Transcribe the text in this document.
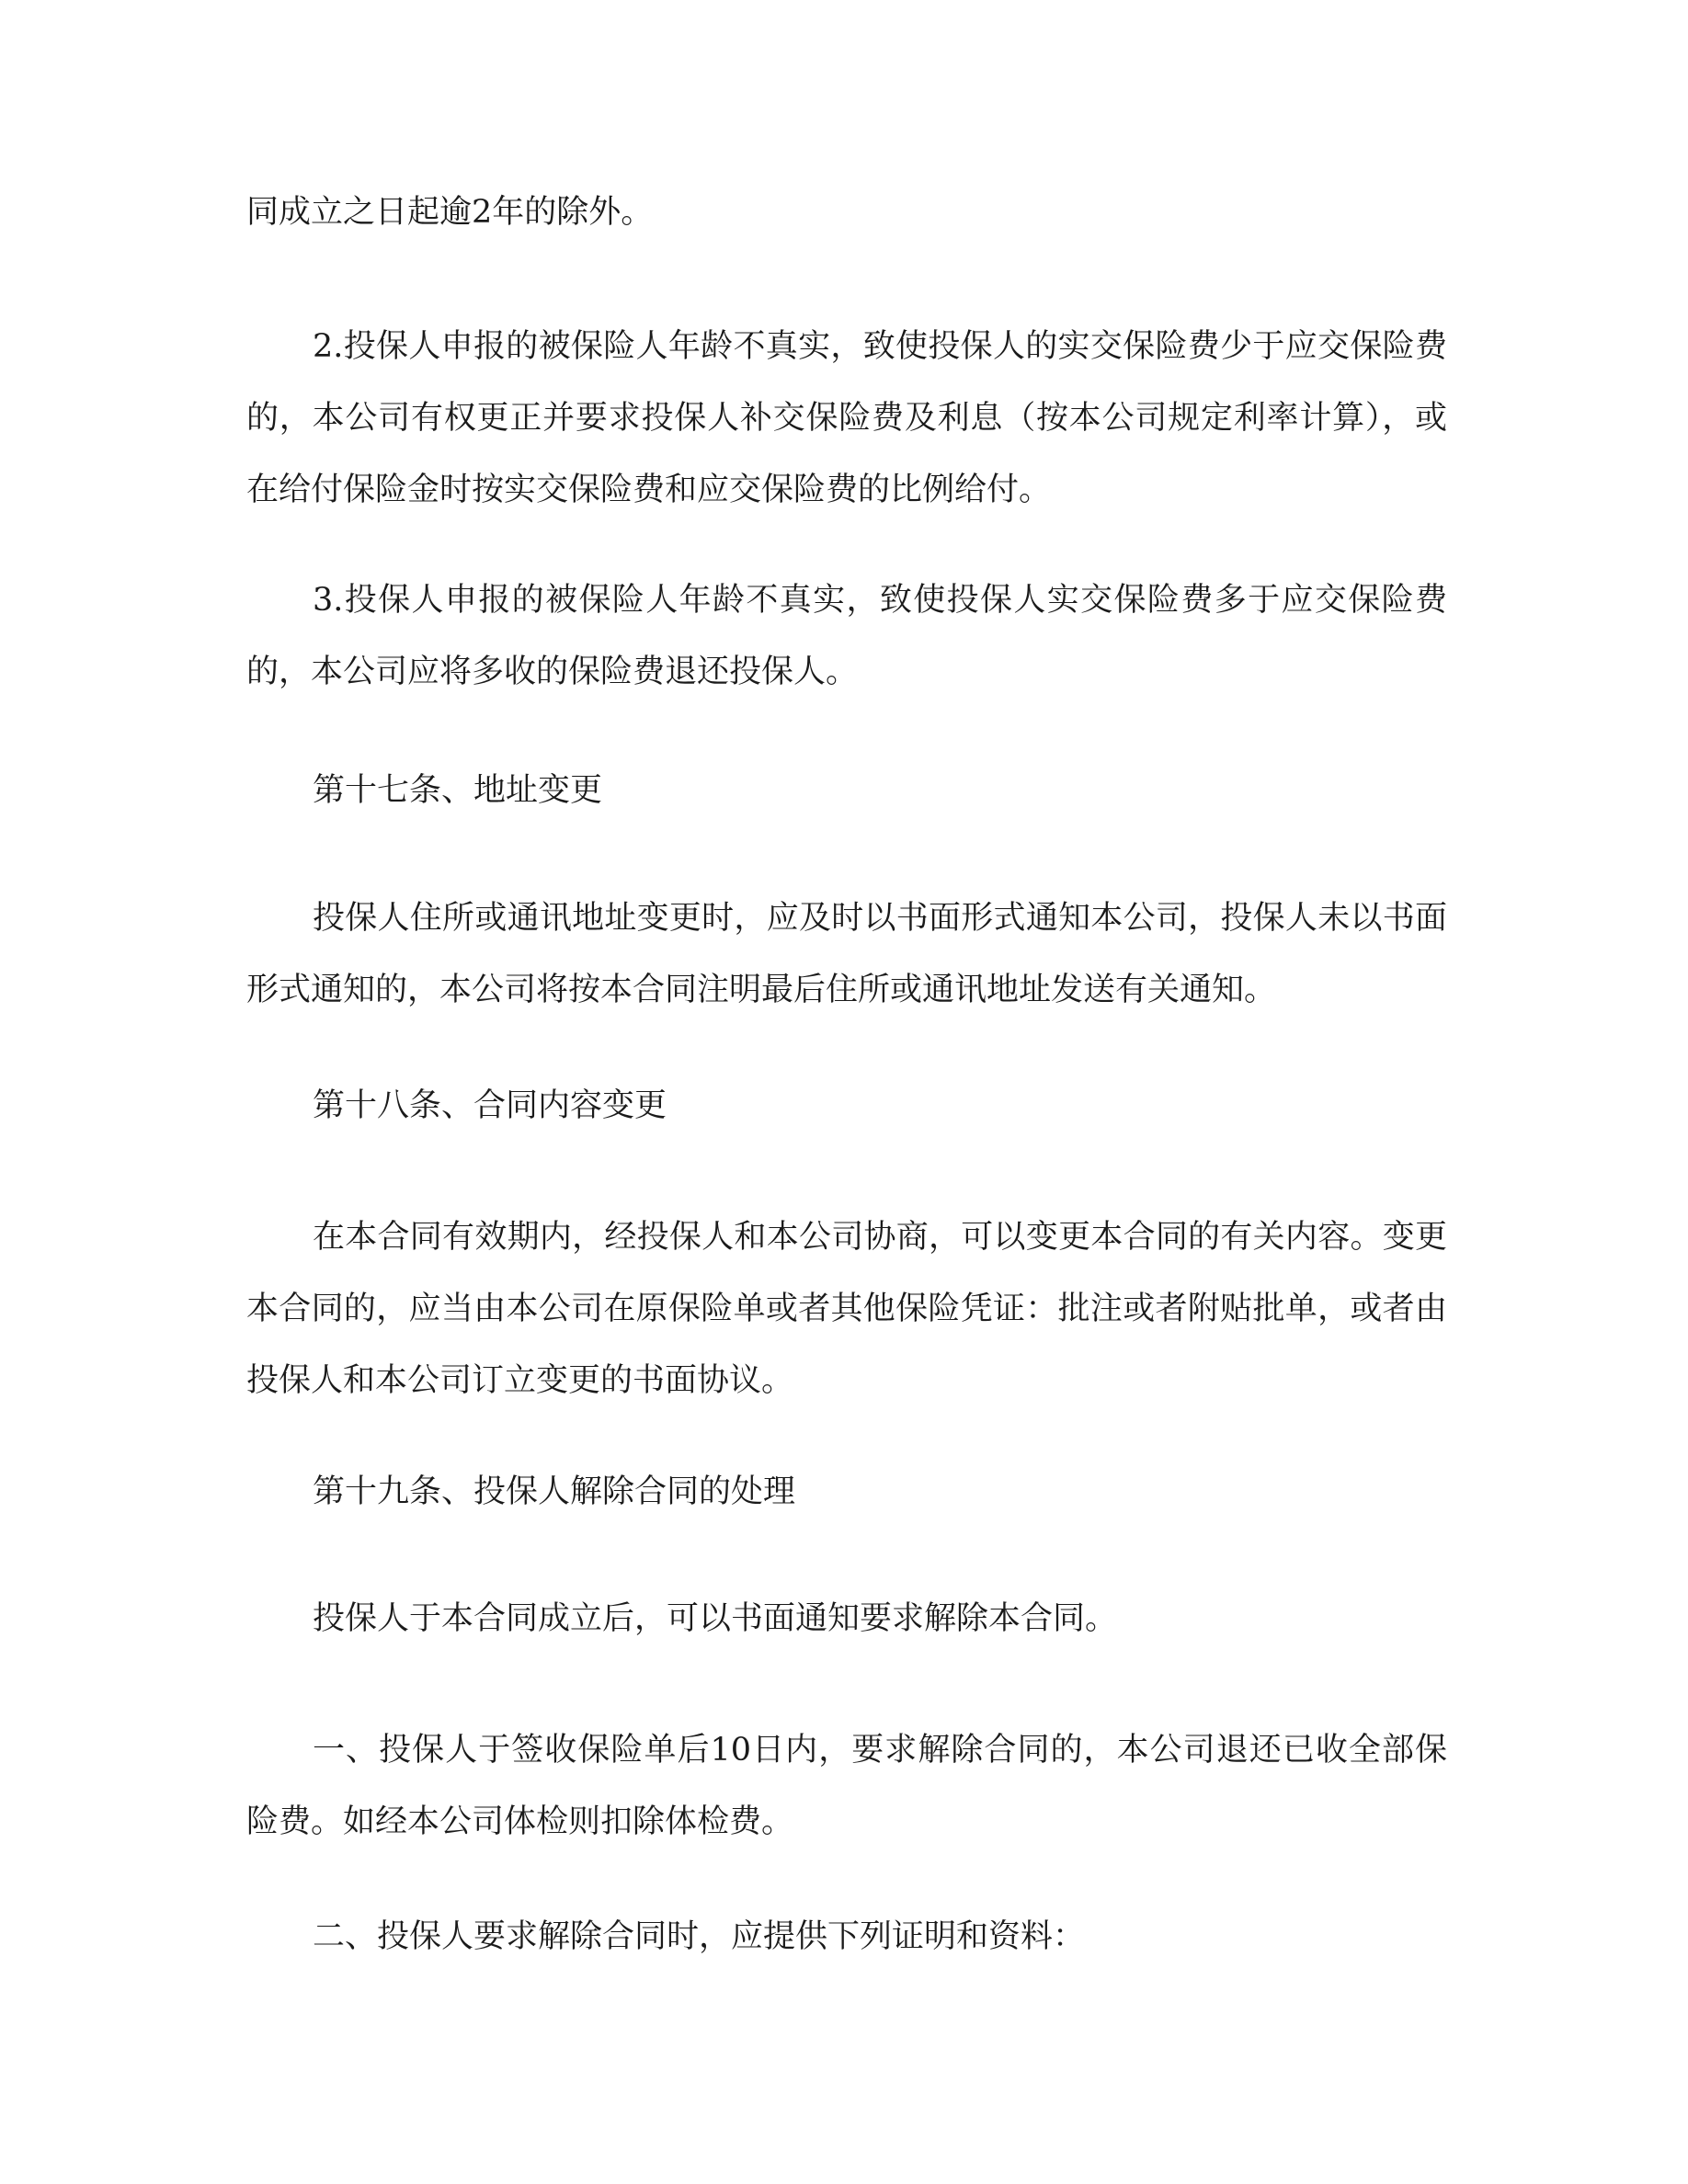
同成立之日起逾2年的除外。

2.投保人申报的被保险人年龄不真实，致使投保人的实交保险费少于应交保险费的，本公司有权更正并要求投保人补交保险费及利息（按本公司规定利率计算），或在给付保险金时按实交保险费和应交保险费的比例给付。

3.投保人申报的被保险人年龄不真实，致使投保人实交保险费多于应交保险费的，本公司应将多收的保险费退还投保人。

第十七条、地址变更

投保人住所或通讯地址变更时，应及时以书面形式通知本公司，投保人未以书面形式通知的，本公司将按本合同注明最后住所或通讯地址发送有关通知。

第十八条、合同内容变更

在本合同有效期内，经投保人和本公司协商，可以变更本合同的有关内容。变更本合同的，应当由本公司在原保险单或者其他保险凭证：批注或者附贴批单，或者由投保人和本公司订立变更的书面协议。

第十九条、投保人解除合同的处理

投保人于本合同成立后，可以书面通知要求解除本合同。

一、投保人于签收保险单后10日内，要求解除合同的，本公司退还已收全部保险费。如经本公司体检则扣除体检费。

二、投保人要求解除合同时，应提供下列证明和资料：
